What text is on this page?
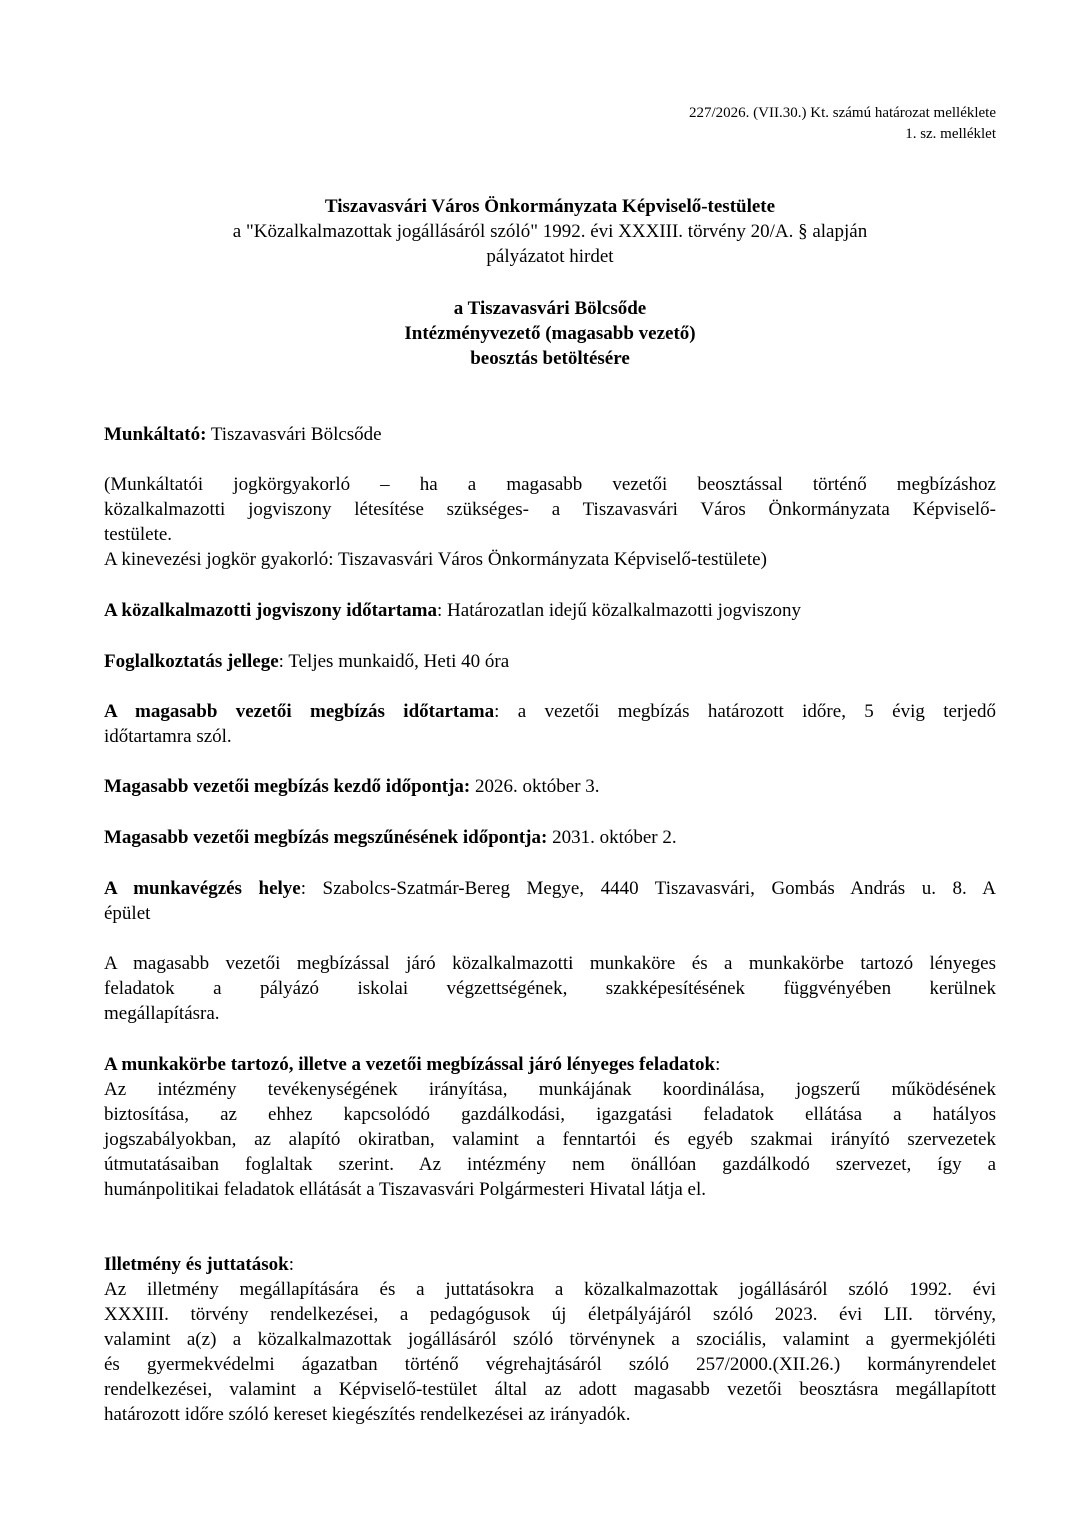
227/2026. (VII.30.) Kt. számú határozat melléklete
1. sz. melléklet
Tiszavasvári Város Önkormányzata Képviselő-testülete
a "Közalkalmazottak jogállásáról szóló" 1992. évi XXXIII. törvény 20/A. § alapján
pályázatot hirdet
a Tiszavasvári Bölcsőde
Intézményvezető (magasabb vezető)
beosztás betöltésére

Munkáltató: Tiszavasvári Bölcsőde

(Munkáltatói jogkörgyakorló – ha a magasabb vezetői beosztással történő megbízáshoz

közalkalmazotti jogviszony létesítése szükséges- a Tiszavasvári Város Önkormányzata Képviselő-

testülete.

A kinevezési jogkör gyakorló: Tiszavasvári Város Önkormányzata Képviselő-testülete)

A közalkalmazotti jogviszony időtartama: Határozatlan idejű közalkalmazotti jogviszony

Foglalkoztatás jellege: Teljes munkaidő, Heti 40 óra

A magasabb vezetői megbízás időtartama: a vezetői megbízás határozott időre, 5 évig terjedő

időtartamra szól.

Magasabb vezetői megbízás kezdő időpontja: 2026. október 3.

Magasabb vezetői megbízás megszűnésének időpontja: 2031. október 2.

A munkavégzés helye: Szabolcs-Szatmár-Bereg Megye, 4440 Tiszavasvári, Gombás András u. 8. A

épület

A magasabb vezetői megbízással járó közalkalmazotti munkaköre és a munkakörbe tartozó lényeges

feladatok a pályázó iskolai végzettségének, szakképesítésének függvényében kerülnek

megállapításra.

A munkakörbe tartozó, illetve a vezetői megbízással járó lényeges feladatok:

Az intézmény tevékenységének irányítása, munkájának koordinálása, jogszerű működésének

biztosítása, az ehhez kapcsolódó gazdálkodási, igazgatási feladatok ellátása a hatályos

jogszabályokban, az alapító okiratban, valamint a fenntartói és egyéb szakmai irányító szervezetek

útmutatásaiban foglaltak szerint. Az intézmény nem önállóan gazdálkodó szervezet, így a

humánpolitikai feladatok ellátását a Tiszavasvári Polgármesteri Hivatal látja el.

Illetmény és juttatások:

Az illetmény megállapítására és a juttatásokra a közalkalmazottak jogállásáról szóló 1992. évi

XXXIII. törvény rendelkezései, a pedagógusok új életpályájáról szóló 2023. évi LII. törvény,

valamint a(z) a közalkalmazottak jogállásáról szóló törvénynek a szociális, valamint a gyermekjóléti

és gyermekvédelmi ágazatban történő végrehajtásáról szóló 257/2000.(XII.26.) kormányrendelet

rendelkezései, valamint a Képviselő-testület által az adott magasabb vezetői beosztásra megállapított

határozott időre szóló kereset kiegészítés rendelkezései az irányadók.
